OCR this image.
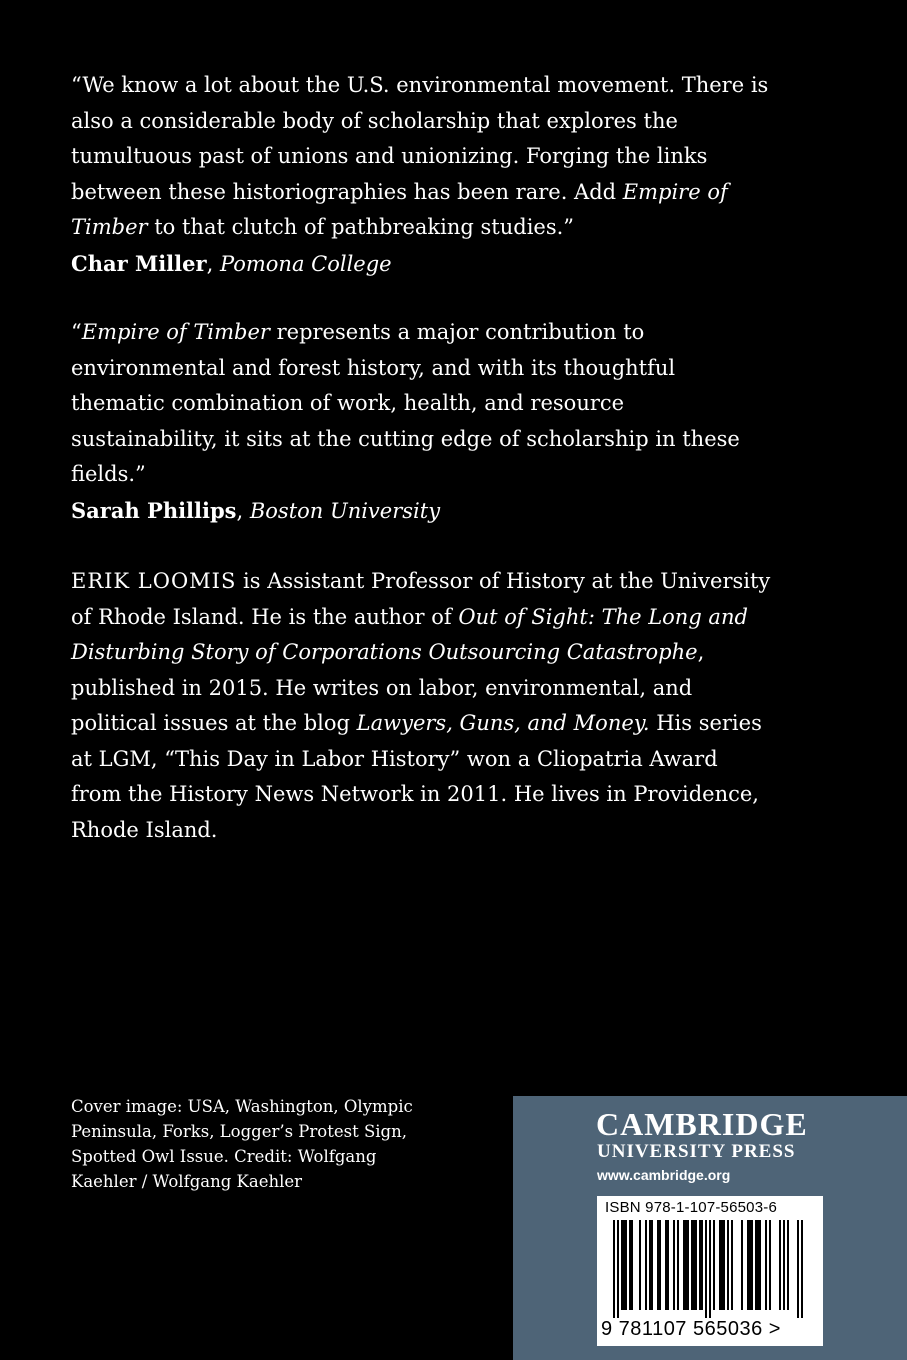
“We know a lot about the U.S. environmental movement. There is also a considerable body of scholarship that explores the tumultuous past of unions and unionizing. Forging the links between these historiographies has been rare. Add Empire of Timber to that clutch of pathbreaking studies.”
Char Miller, Pomona College

“Empire of Timber represents a major contribution to environmental and forest history, and with its thoughtful thematic combination of work, health, and resource sustainability, it sits at the cutting edge of scholarship in these fields.”
Sarah Phillips, Boston University

ERIK LOOMIS is Assistant Professor of History at the University of Rhode Island. He is the author of Out of Sight: The Long and Disturbing Story of Corporations Outsourcing Catastrophe, published in 2015. He writes on labor, environmental, and political issues at the blog Lawyers, Guns, and Money. His series at LGM, “This Day in Labor History” won a Cliopatria Award from the History News Network in 2011. He lives in Providence, Rhode Island.

Cover image: USA, Washington, Olympic Peninsula, Forks, Logger’s Protest Sign, Spotted Owl Issue. Credit: Wolfgang Kaehler / Wolfgang Kaehler

CAMBRIDGE
UNIVERSITY PRESS
www.cambridge.org
ISBN 978-1-107-56503-6
9 781107 565036 >
